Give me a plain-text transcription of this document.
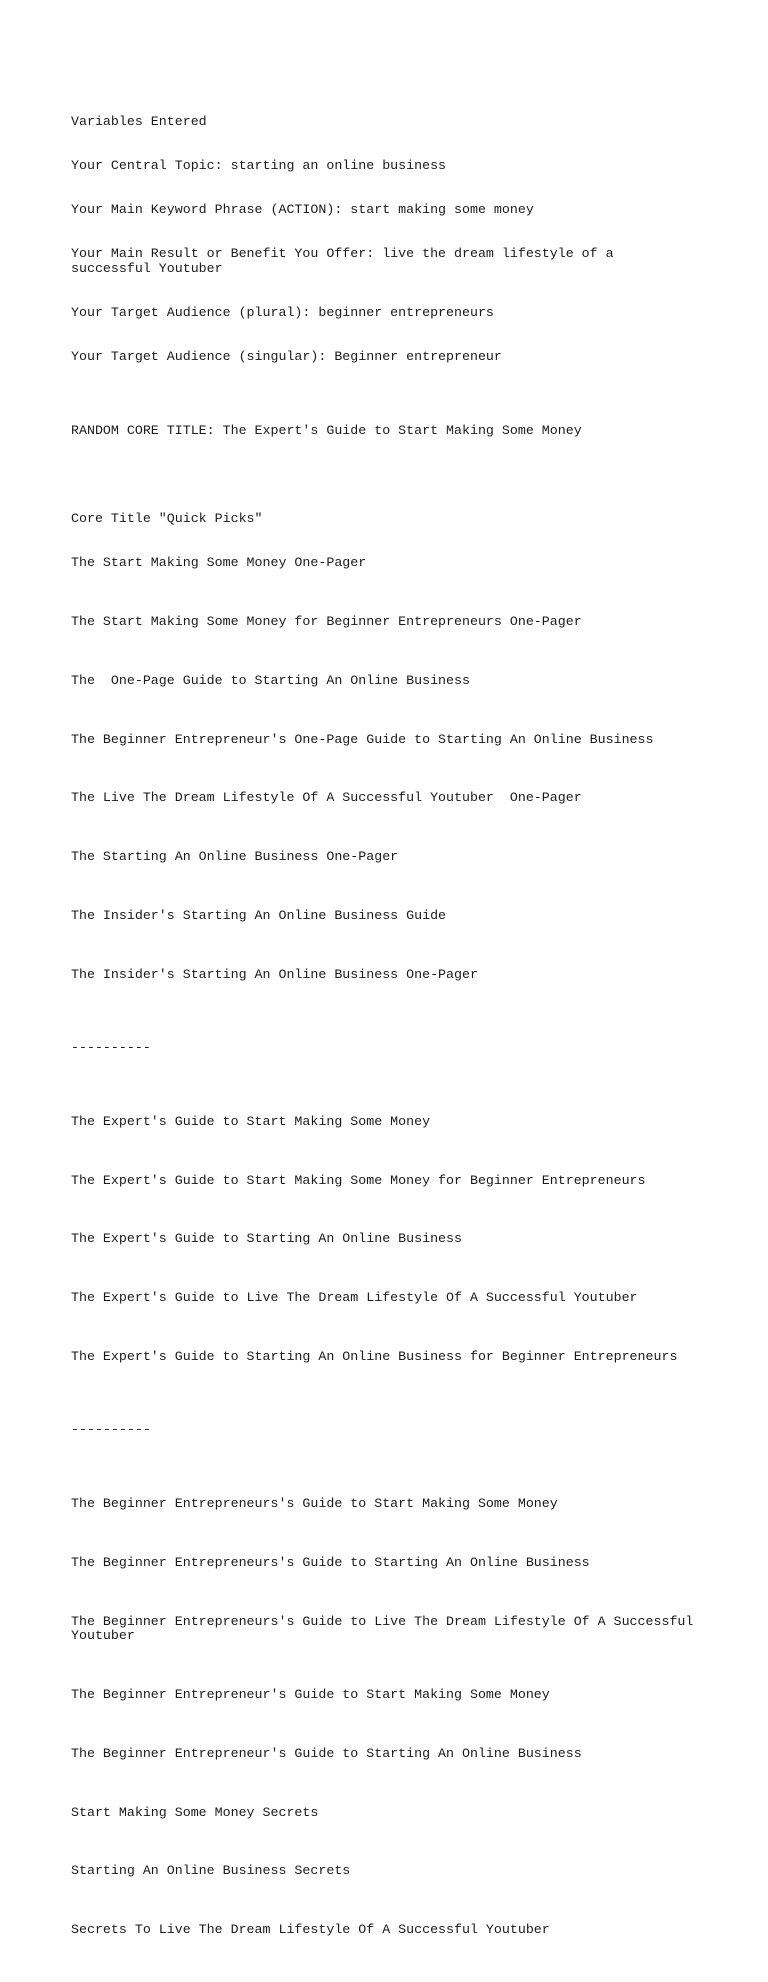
Variables Entered

Your Central Topic: starting an online business

Your Main Keyword Phrase (ACTION): start making some money

Your Main Result or Benefit You Offer: live the dream lifestyle of a successful Youtuber

Your Target Audience (plural): beginner entrepreneurs

Your Target Audience (singular): Beginner entrepreneur

RANDOM CORE TITLE: The Expert's Guide to Start Making Some Money

Core Title "Quick Picks"

The Start Making Some Money One-Pager

The Start Making Some Money for Beginner Entrepreneurs One-Pager

The  One-Page Guide to Starting An Online Business

The Beginner Entrepreneur's One-Page Guide to Starting An Online Business

The Live The Dream Lifestyle Of A Successful Youtuber  One-Pager

The Starting An Online Business One-Pager

The Insider's Starting An Online Business Guide

The Insider's Starting An Online Business One-Pager

----------

The Expert's Guide to Start Making Some Money

The Expert's Guide to Start Making Some Money for Beginner Entrepreneurs

The Expert's Guide to Starting An Online Business

The Expert's Guide to Live The Dream Lifestyle Of A Successful Youtuber

The Expert's Guide to Starting An Online Business for Beginner Entrepreneurs

----------

The Beginner Entrepreneurs's Guide to Start Making Some Money

The Beginner Entrepreneurs's Guide to Starting An Online Business

The Beginner Entrepreneurs's Guide to Live The Dream Lifestyle Of A Successful Youtuber

The Beginner Entrepreneur's Guide to Start Making Some Money

The Beginner Entrepreneur's Guide to Starting An Online Business

Start Making Some Money Secrets

Starting An Online Business Secrets

Secrets To Live The Dream Lifestyle Of A Successful Youtuber
